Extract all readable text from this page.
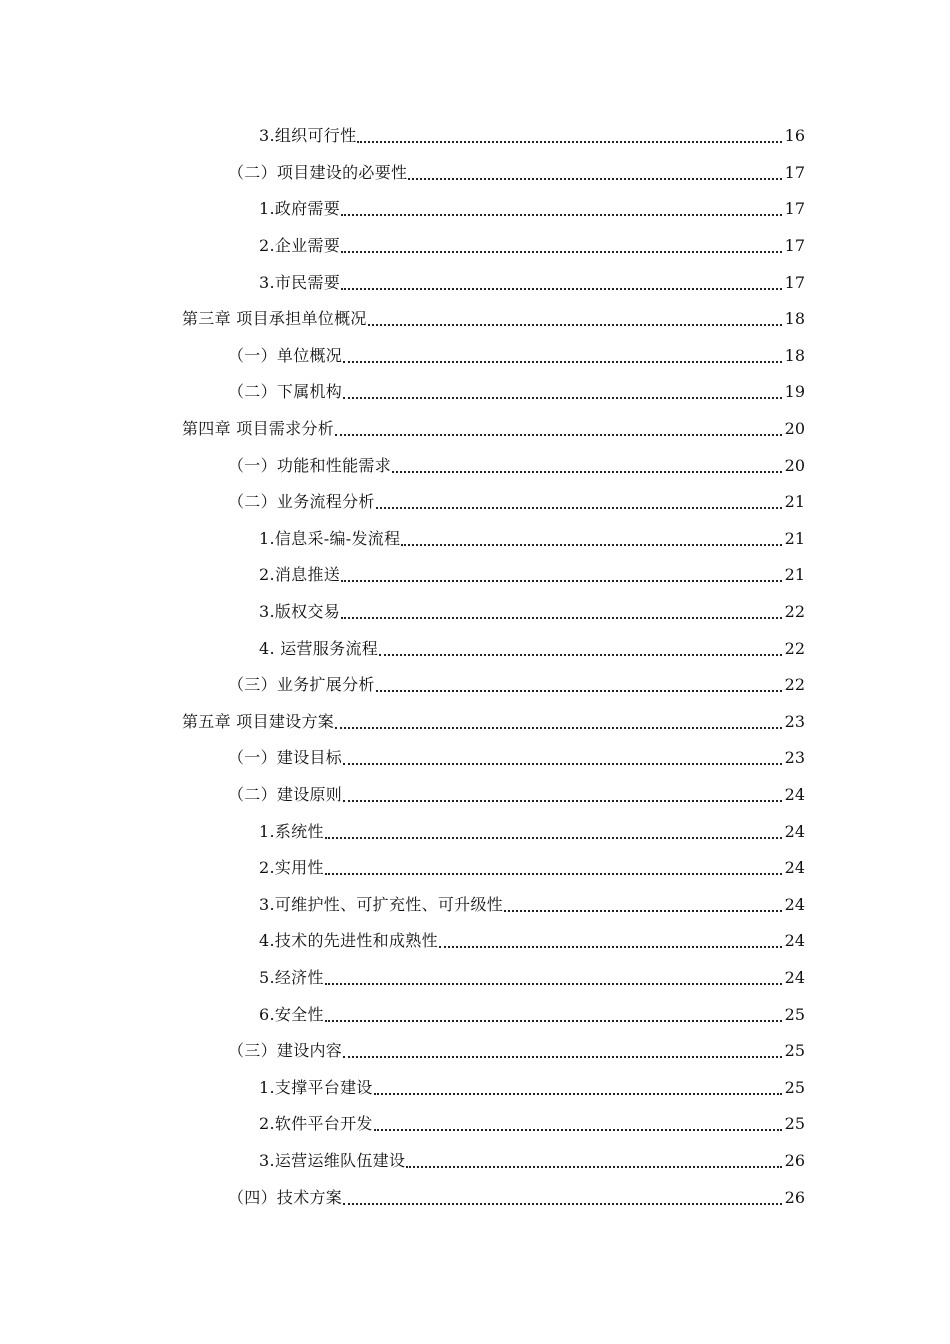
3.组织可行性	16
（二）项目建设的必要性	17
1.政府需要	17
2.企业需要	17
3.市民需要	17
第三章 项目承担单位概况	18
（一）单位概况	18
（二）下属机构	19
第四章 项目需求分析	20
（一）功能和性能需求	20
（二）业务流程分析	21
1.信息采-编-发流程	21
2.消息推送	21
3.版权交易	22
4. 运营服务流程	22
（三）业务扩展分析	22
第五章 项目建设方案	23
（一）建设目标	23
（二）建设原则	24
1.系统性	24
2.实用性	24
3.可维护性、可扩充性、可升级性	24
4.技术的先进性和成熟性	24
5.经济性	24
6.安全性	25
（三）建设内容	25
1.支撑平台建设	25
2.软件平台开发	25
3.运营运维队伍建设	26
（四）技术方案	26
